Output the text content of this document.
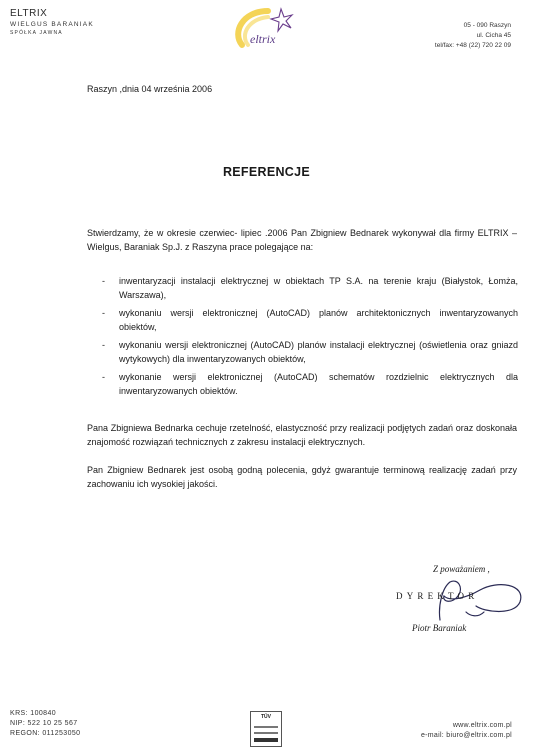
ELTRIX
WIELGUS BARANIAK
SPÓŁKA JAWNA	eltrix
05 - 090 Raszyn
ul. Cicha 45
tel/fax: +48 (22) 720 22 09
Raszyn ,dnia 04 września 2006
REFERENCJE
Stwierdzamy, że w okresie czerwiec- lipiec .2006 Pan Zbigniew Bednarek wykonywał dla firmy ELTRIX – Wielgus, Baraniak Sp.J. z Raszyna prace polegające na:
- inwentaryzacji instalacji elektrycznej w obiektach TP S.A. na terenie kraju (Białystok, Łomża, Warszawa),
- wykonaniu wersji elektronicznej (AutoCAD) planów architektonicznych inwentaryzowanych obiektów,
- wykonaniu wersji elektronicznej (AutoCAD) planów instalacji elektrycznej (oświetlenia oraz gniazd wytykowych) dla inwentaryzowanych obiektów,
- wykonanie wersji elektronicznej (AutoCAD) schematów rozdzielnic elektrycznych dla inwentaryzowanych obiektów.
Pana Zbigniewa Bednarka cechuje rzetelność, elastyczność przy realizacji podjętych zadań oraz doskonała znajomość rozwiązań technicznych z zakresu instalacji elektrycznych.
Pan Zbigniew Bednarek jest osobą godną polecenia, gdyż gwarantuje terminową realizację zadań przy zachowaniu ich wysokiej jakości.
Z poważaniem ,
DYREKTOR
Piotr Baraniak
KRS: 100840
NIP: 522 10 25 567
REGON: 011253050
TÜV
www.eltrix.com.pl
e-mail: biuro@eltrix.com.pl
